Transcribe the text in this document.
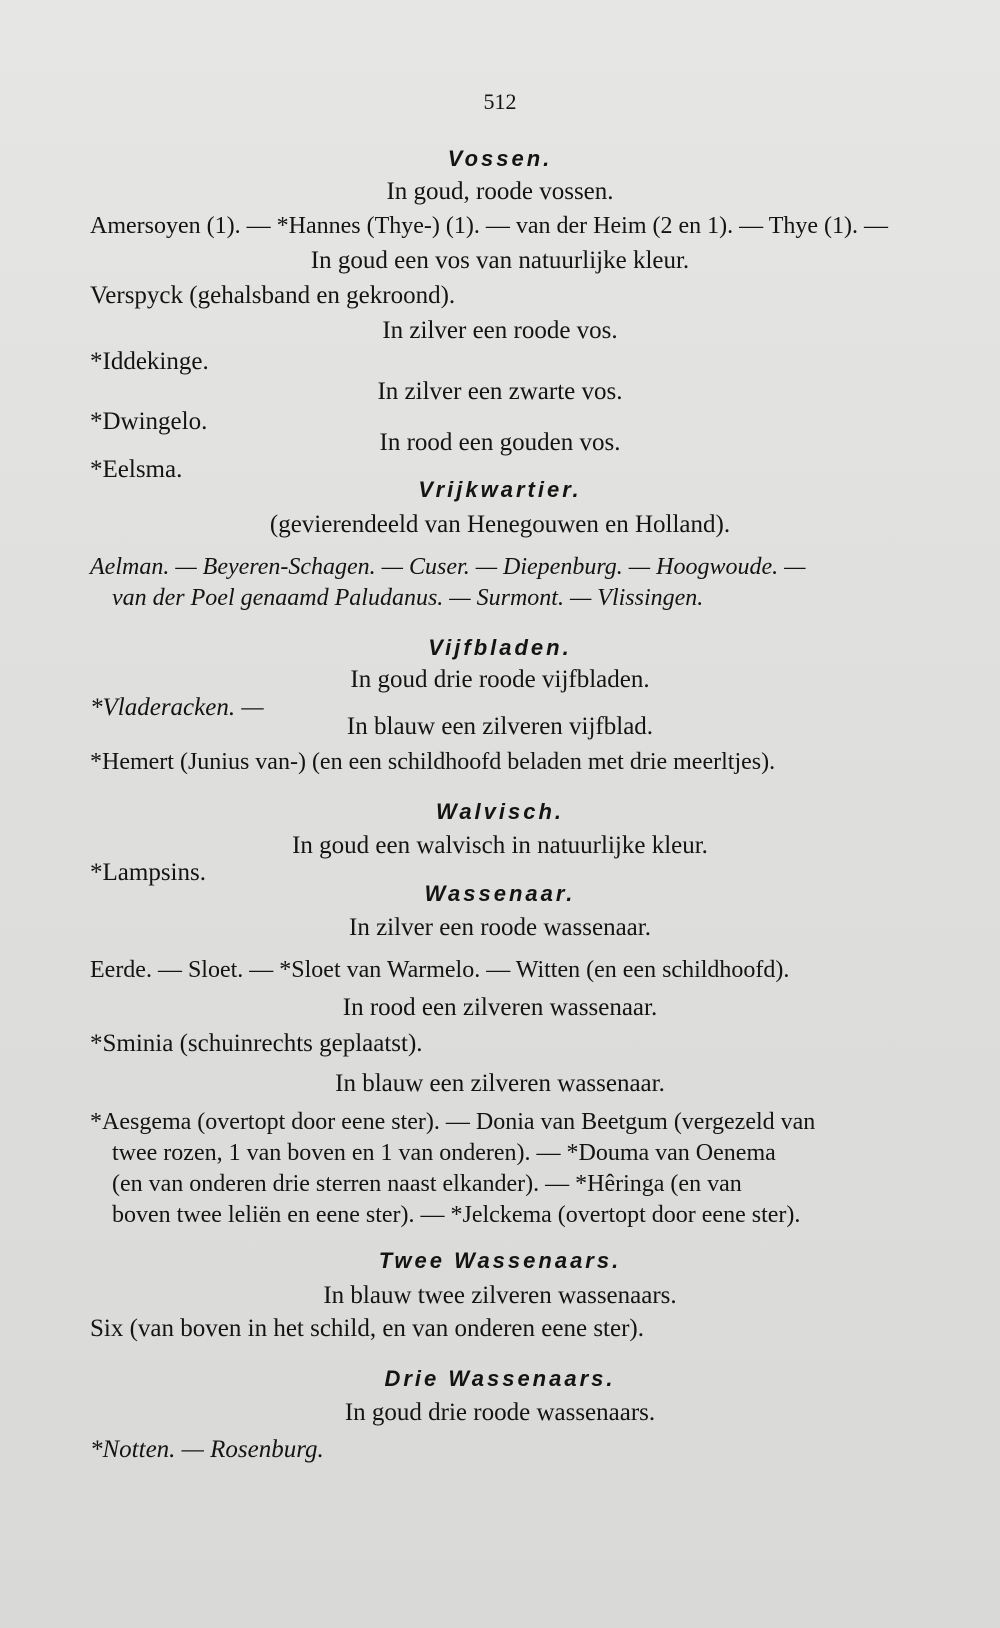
512
Vossen.
In goud, roode vossen.
Amersoyen (1). — *Hannes (Thye-) (1). — van der Heim (2 en 1). — Thye (1). —
In goud een vos van natuurlijke kleur.
Verspyck (gehalsband en gekroond).
In zilver een roode vos.
*Iddekinge.
In zilver een zwarte vos.
*Dwingelo.
In rood een gouden vos.
*Eelsma.
Vrijkwartier.
(gevierendeeld van Henegouwen en Holland).
Aelman. — Beyeren-Schagen. — Cuser. — Diepenburg. — Hoogwoude. —
van der Poel genaamd Paludanus. — Surmont. — Vlissingen.
Vijfbladen.
In goud drie roode vijfbladen.
*Vladeracken. —
In blauw een zilveren vijfblad.
*Hemert (Junius van-) (en een schildhoofd beladen met drie meerltjes).
Walvisch.
In goud een walvisch in natuurlijke kleur.
*Lampsins.
Wassenaar.
In zilver een roode wassenaar.
Eerde. — Sloet. — *Sloet van Warmelo. — Witten (en een schildhoofd).
In rood een zilveren wassenaar.
*Sminia (schuinrechts geplaatst).
In blauw een zilveren wassenaar.
*Aesgema (overtopt door eene ster). — Donia van Beetgum (vergezeld van
twee rozen, 1 van boven en 1 van onderen). — *Douma van Oenema
(en van onderen drie sterren naast elkander). — *Hêringa (en van
boven twee leliën en eene ster). — *Jelckema (overtopt door eene ster).
Twee Wassenaars.
In blauw twee zilveren wassenaars.
Six (van boven in het schild, en van onderen eene ster).
Drie Wassenaars.
In goud drie roode wassenaars.
*Notten. — Rosenburg.
